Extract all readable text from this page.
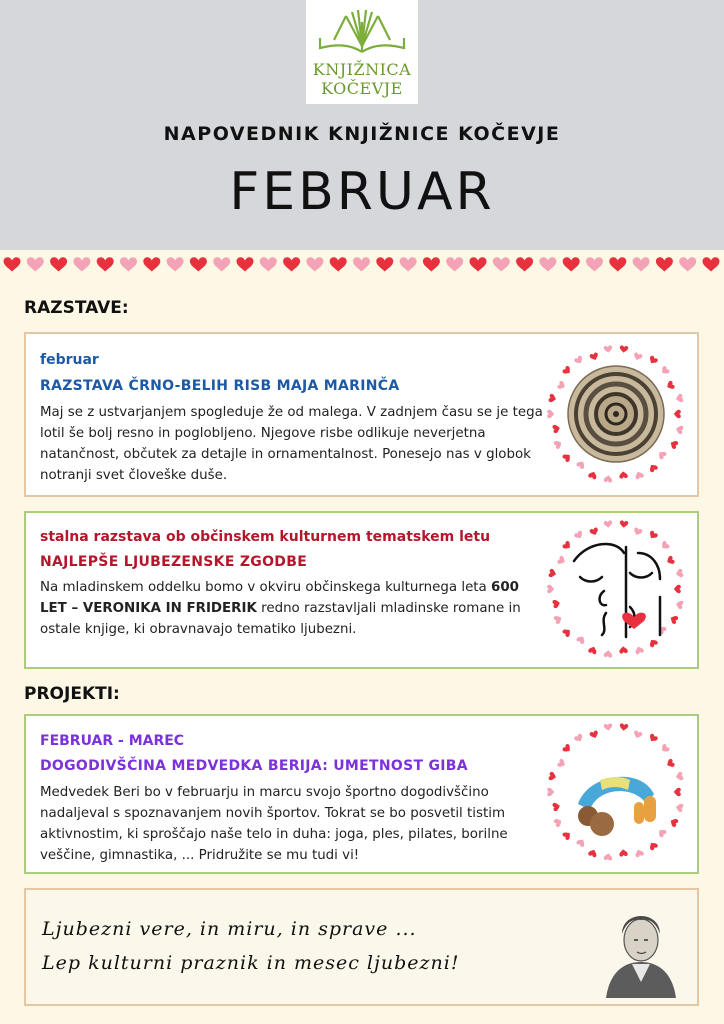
KNJIŽNICA
KOČEVJE
NAPOVEDNIK KNJIŽNICE KOČEVJE
FEBRUAR
RAZSTAVE:
februar
RAZSTAVA ČRNO-BELIH RISB MAJA MARINČA
Maj se z ustvarjanjem spogleduje že od malega. V zadnjem času se je tega lotil še bolj resno in poglobljeno. Njegove risbe odlikuje neverjetna natančnost, občutek za detajle in ornamentalnost. Ponesejo nas v globok notranji svet človeške duše.
stalna razstava ob občinskem kulturnem tematskem letu
NAJLEPŠE LJUBEZENSKE ZGODBE
Na mladinskem oddelku bomo v okviru občinskega kulturnega leta 600 LET – VERONIKA IN FRIDERIK redno razstavljali mladinske romane in ostale knjige, ki obravnavajo tematiko ljubezni.
PROJEKTI:
FEBRUAR - MAREC
DOGODIVŠČINA MEDVEDKA BERIJA: UMETNOST GIBA
Medvedek Beri bo v februarju in marcu svojo športno dogodivščino nadaljeval s spoznavanjem novih športov. Tokrat se bo posvetil tistim aktivnostim, ki sproščajo naše telo in duha: joga, ples, pilates, borilne veščine, gimnastika, ... Pridružite se mu tudi vi!
Ljubezni vere, in miru, in sprave ...
Lep kulturni praznik in mesec ljubezni!
